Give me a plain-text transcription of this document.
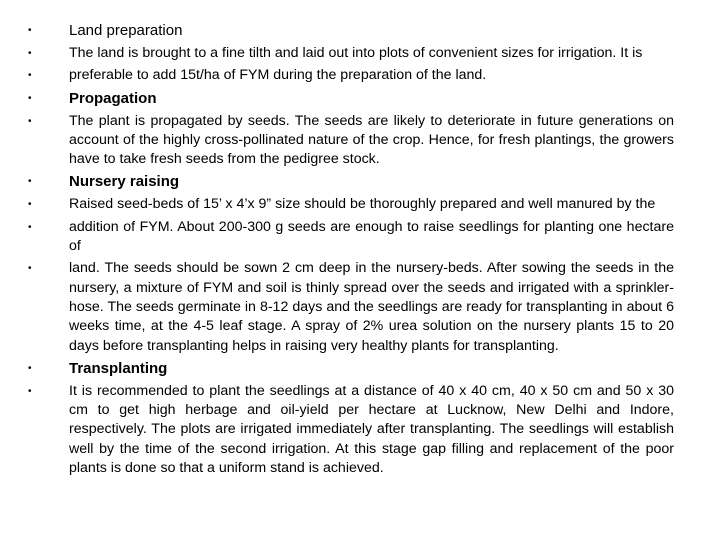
• Land preparation
•	The land is brought to a fine tilth and laid out into plots of convenient sizes for irrigation. It is
•	preferable to add 15t/ha of FYM during the preparation of the land.
• Propagation
•	The plant is propagated by seeds. The seeds are likely to deteriorate in future generations on account of the highly cross-pollinated nature of the crop. Hence, for fresh plantings, the growers have to take fresh seeds from the pedigree stock.
• Nursery raising
•	Raised seed-beds of 15’ x 4’x 9” size should be thoroughly prepared and well manured by the
•	addition of FYM. About 200-300 g seeds are enough to raise seedlings for planting one hectare of
•	land. The seeds should be sown 2 cm deep in the nursery-beds. After sowing the seeds in the nursery, a mixture of FYM and soil is thinly spread over the seeds and irrigated with a sprinkler-hose. The seeds germinate in 8-12 days and the seedlings are ready for transplanting in about 6 weeks time, at the 4-5 leaf stage. A spray of 2% urea solution on the nursery plants 15 to 20 days before transplanting helps in raising very healthy plants for transplanting.
• Transplanting
•	It is recommended to plant the seedlings at a distance of 40 x 40 cm, 40 x 50 cm and 50 x 30 cm to get high herbage and oil-yield per hectare at Lucknow, New Delhi and Indore, respectively. The plots are irrigated immediately after transplanting. The seedlings will establish well by the time of the second irrigation. At this stage gap filling and replacement of the poor plants is done so that a uniform stand is achieved.
